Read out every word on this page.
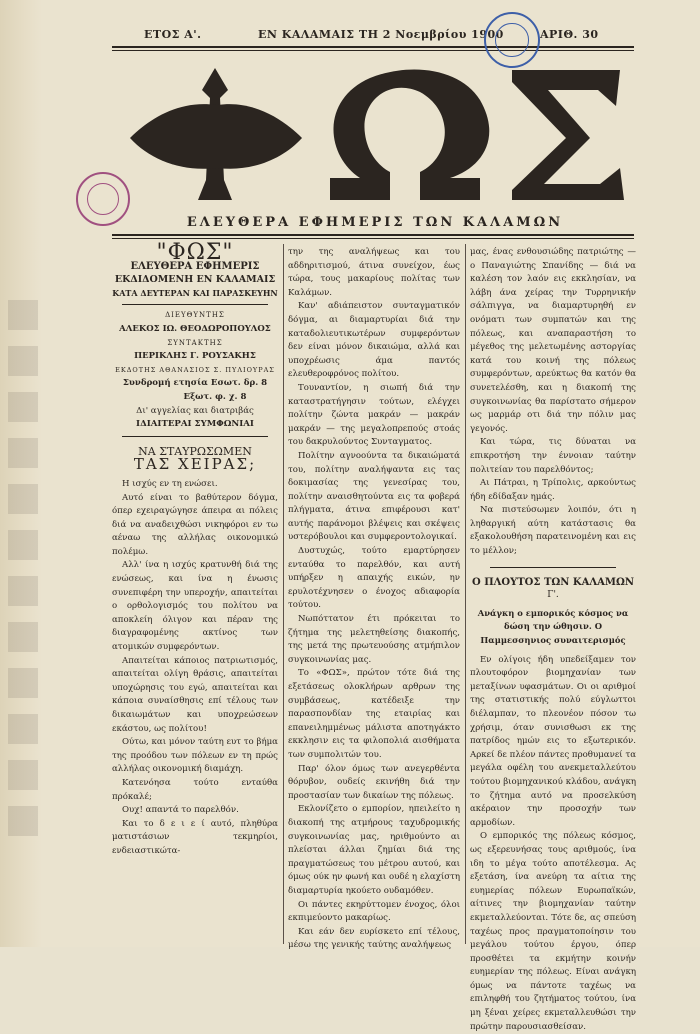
ΕΤΟΣ Α'.	ΕΝ ΚΑΛΑΜΑΙΣ ΤΗ 2 Νοεμβρίου 1900	ΑΡΙΘ. 30
ΕΛΕΥΘΕΡΑ ΕΦΗΜΕΡΙΣ ΤΩΝ ΚΑΛΑΜΩΝ
"ΦΩΣ"
ΕΛΕΥΘΕΡΑ ΕΦΗΜΕΡΙΣ
ΕΚΔΙΔΟΜΕΝΗ ΕΝ ΚΑΛΑΜΑΙΣ
ΚΑΤΑ ΔΕΥΤΕΡΑΝ ΚΑΙ ΠΑΡΑΣΚΕΥΗΝ
ΔΙΕΥΘΥΝΤΗΣ
ΑΛΕΚΟΣ ΙΩ. ΘΕΟΔΩΡΟΠΟΥΛΟΣ
ΣΥΝΤΑΚΤΗΣ
ΠΕΡΙΚΛΗΣ Γ. ΡΟΥΣΑΚΗΣ
ΕΚΔΟΤΗΣ ΑΘΑΝΑΣΙΟΣ Σ. ΠΥΛΙΟΥΡΑΣ
Συνδρομή ετησία Εσωτ. δρ. 8
Εξωτ. φ. χ. 8
Δι' αγγελίας και διατριβάς
ΙΔΙΑΙΤΕΡΑΙ ΣΥΜΦΩΝΙΑΙ
ΝΑ ΣΤΑΥΡΩΣΩΜΕΝ
ΤΑΣ ΧΕΙΡΑΣ;

Η ισχύς εν τη ενώσει.

Αυτό είναι το βαθύτερον δόγμα, όπερ εχειραγώγησε άπειρα αι πόλεις διά να αναδειχθώσι νικηφόροι εν τω αέναω της αλλήλας οικονομικώ πολέμω.

Αλλ' ίνα η ισχύς κρατυνθή διά της ενώσεως, και ίνα η ένωσις συνεπιφέρη την υπεροχήν, απαιτείται ο ορθολογισμός του πολίτου να αποκλείη όλιγον και πέραν της διαγραφομένης ακτίνος των ατομικών συμφερόντων.

Απαιτείται κάποιος πατριωτισμός, απαιτείται ολίγη θράσις, απαιτείται υποχώρησις του εγώ, απαιτείται και κάποια συναίσθησις επί τέλους των δικαιωμάτων και υποχρεώσεων εκάστου, ως πολίτου!

Ούτω, και μόνον ταύτη ευτ το βήμα της προόδου των πόλεων εν τη πρώς αλλήλας οικονομική διαμάχη.

Κατενόησα τούτο ενταύθα πρόκαλέ;

Ουχ! απαντά το παρελθόν.

Και το δ ε ι ε ί αυτό, πληθύρα ματιστάσιων τεκμηρίοι, ενδειαστικώτα-

την της αναλήψεως και του αδδηριτισμού, άτινα συνείχον, έως τώρα, τους μακαρίους πολίτας των Καλάμων.

Καν' αδιάπειστον συνταγματικόν δόγμα, αι διαμαρτυρίαι διά την καταδολιευτικωτέρων συμφερόντων δεν είναι μόνον δικαιώμα, αλλά και υποχρέωσις άμα παντός ελευθεροφρόνος πολίτου.

Τουναντίον, η σιωπή διά την καταστρατήγησιν τούτων, ελέγχει πολίτην ζώντα μακράν — μακράν μακράν — της μεγαλοπρεπούς στοάς του δακρυλούντος Συνταγματος.

Πολίτην αγνοούντα τα δικαιώματά του, πολίτην αναλήψαντα εις τας δοκιμασίας της γενεσίρας του, πολίτην αναισθητούντα εις τα φοβερά πλήγματα, άτινα επιφέρουσι κατ' αυτής παράνομοι βλέψεις και σκέψεις υστερόβουλοι και συμφεροντολογικαί.

Δυστυχώς, τούτο εμαρτύρησεν ενταύθα το παρελθόν, και αυτή υπήρξεν η απαιχής εικών, ην ερυλοτέχνησεν ο ένοχος αδιαφορία τούτου.

Νωπόττατον έτι πρόκειται το ζήτημα της μελετηθείσης διακοπής, της μετά της πρωτευούσης ατμήπιλον συγκοινωνίας μας.

Το «ΦΩΣ», πρώτον τότε διά της εξετάσεως ολοκλήρων αρθρων της συμβάσεως, κατέδειξε την παρασπονδίαν της εταιρίας και επανειλημμένως μάλιστα αποτηγάκτο εκκλησιν εις τα φιλοπολιά αισθήματα των συμπολιτών του.

Παρ' όλον όμως των ανεγερθέντα θόρυβον, ουδείς εκινήθη διά την προστασίαν των δικαίων της πόλεως.

Εκλονίζετο ο εμπορίον, ηπειλείτο η διακοπή της ατμήρους ταχυδρομικής συγκοινωνίας μας, ηριθμούντο αι πλείσται άλλαι ζημίαι διά της πραγματώσεως του μέτρου αυτού, και όμως ούκ ην φωνή και ουδέ η ελαχίστη διαμαρτυρία ηκούετο ουδαμόθεν.

Οι πάντες εκηρύττομεν ένοχος, όλοι εκπιμεύοντο μακαρίως.

Και εάν δεν ευρίσκετο επί τέλους, μέσω της γενικής ταύτης αναλήψεως

μας, ένας ενθουσιώδης πατριώτης — ο Παναγιώτης Σπανίδης — διά να καλέση τον λαόν εις εκκλησίαν, να λάβη άνα χείρας την Τυρρηνικήν σάλπιγγα, να διαμαρτυρηθή εν ονόματι των συμπατών και της πόλεως, και αναπαραστήση το μέγεθος της μελετωμένης αστοργίας κατά του κοινή της πόλεως συμφερόντων, αρεύκτως θα κατόν θα συνετελέσθη, και η διακοπή της συγκοινωνίας θα παρίστατο σήμερον ως μαρμάρ οτι διά την πόλιν μας γεγονός.

Και τώρα, τις δύναται να επικροτήση την έννοιαν ταύτην πολιτείαν του παρελθόντος;

Αι Πάτραι, η Τρίπολις, αρκούντως ήδη εδίδαξαν ημάς.

Να πιστεύσωμεν λοιπόν, ότι η ληθαργική αύτη κατάστασις θα εξακολουθήση παρατεινομένη και εις το μέλλον;

Ο ΠΛΟΥΤΟΣ ΤΩΝ ΚΑΛΑΜΩΝ
Γ'.
Ανάγκη ο εμπορικός κόσμος να δώση την ώθησιν. Ο Παμμεσσηνιος συναιτερισμός

Εν ολίγοις ήδη υπεδείξαμεν τον πλουτοφόρον βιομηχανίαν των μεταξίνων υφασμάτων. Οι οι αριθμοί της στατιστικής πολύ εύγλωττοι διέλαμπαν, το πλεονέον πόσον τω χρήσιμ, όταν συνισθωσι εκ της πατρίδος ημών εις το εξωτερικόν. Αρκεί δε πλέον πάντες προθυμανεί τα μεγάλα οφέλη του ανεκμεταλλεύτου τούτου βιομηχανικού κλάδου, ανάγκη το ζήτημα αυτό να προσελκύση ακέραιον την προσοχήν των αρμοδίων.

Ο εμπορικός της πόλεως κόσμος, ως εξερευνήσας τους αριθμούς, ίνα ιδη το μέγα τούτο αποτέλεσμα. Ας εξετάση, ίνα ανεύρη τα αίτια της ευημερίας πόλεων Ευρωπαϊκών, αίτινες την βιομηχανίαν ταύτην εκμεταλλεύονται. Τότε δε, ας σπεύση ταχέως προς πραγματοποίησιν του μεγάλου τούτου έργου, όπερ προσθέτει τα εκμήτην κοινήν ευημερίαν της πόλεως. Είναι ανάγκη όμως να πάντοτε ταχέως να επιληφθή του ζητήματος τούτου, ίνα μη ξέναι χείρες εκμεταλλευθώσι την πρώτην παρουσιασθείσαν.
